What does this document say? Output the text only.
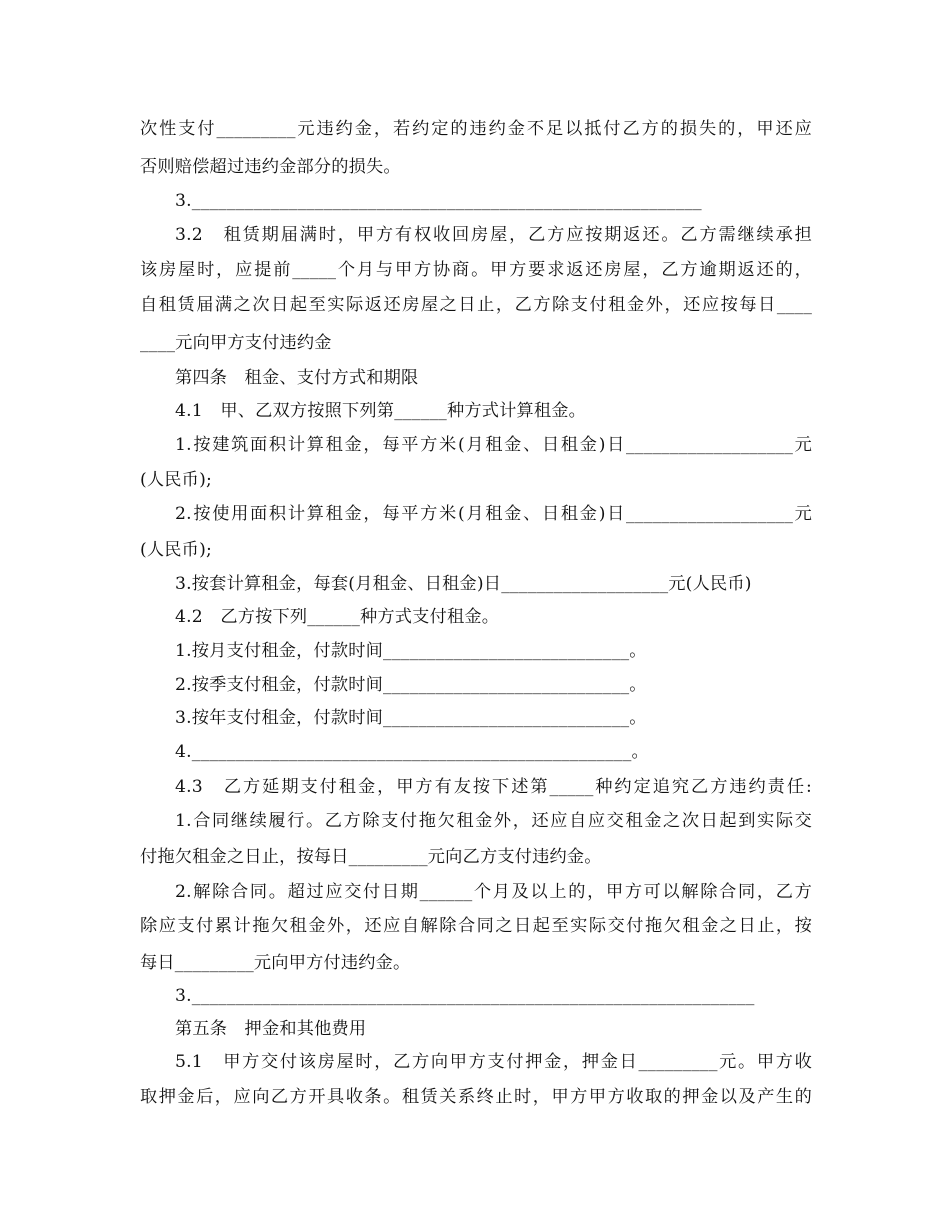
次性支付_________元违约金，若约定的违约金不足以抵付乙方的损失的，甲还应
否则赔偿超过违约金部分的损失。
3.__________________________________________________________
3.2　租赁期届满时，甲方有权收回房屋，乙方应按期返还。乙方需继续承担
该房屋时，应提前_____个月与甲方协商。甲方要求返还房屋，乙方逾期返还的，
自租赁届满之次日起至实际返还房屋之日止，乙方除支付租金外，还应按每日____
____元向甲方支付违约金
第四条　租金、支付方式和期限
4.1　甲、乙双方按照下列第______种方式计算租金。
1.按建筑面积计算租金，每平方米(月租金、日租金)日___________________元
(人民币);
2.按使用面积计算租金，每平方米(月租金、日租金)日___________________元
(人民币);
3.按套计算租金，每套(月租金、日租金)日___________________元(人民币)
4.2　乙方按下列______种方式支付租金。
1.按月支付租金，付款时间____________________________。
2.按季支付租金，付款时间____________________________。
3.按年支付租金，付款时间____________________________。
4.__________________________________________________。
4.3　乙方延期支付租金，甲方有友按下述第_____种约定追究乙方违约责任:
1.合同继续履行。乙方除支付拖欠租金外，还应自应交租金之次日起到实际交
付拖欠租金之日止，按每日_________元向乙方支付违约金。
2.解除合同。超过应交付日期______个月及以上的，甲方可以解除合同，乙方
除应支付累计拖欠租金外，还应自解除合同之日起至实际交付拖欠租金之日止，按
每日_________元向甲方付违约金。
3.________________________________________________________________
第五条　押金和其他费用
5.1　甲方交付该房屋时，乙方向甲方支付押金，押金日_________元。甲方收
取押金后，应向乙方开具收条。租赁关系终止时，甲方甲方收取的押金以及产生的
